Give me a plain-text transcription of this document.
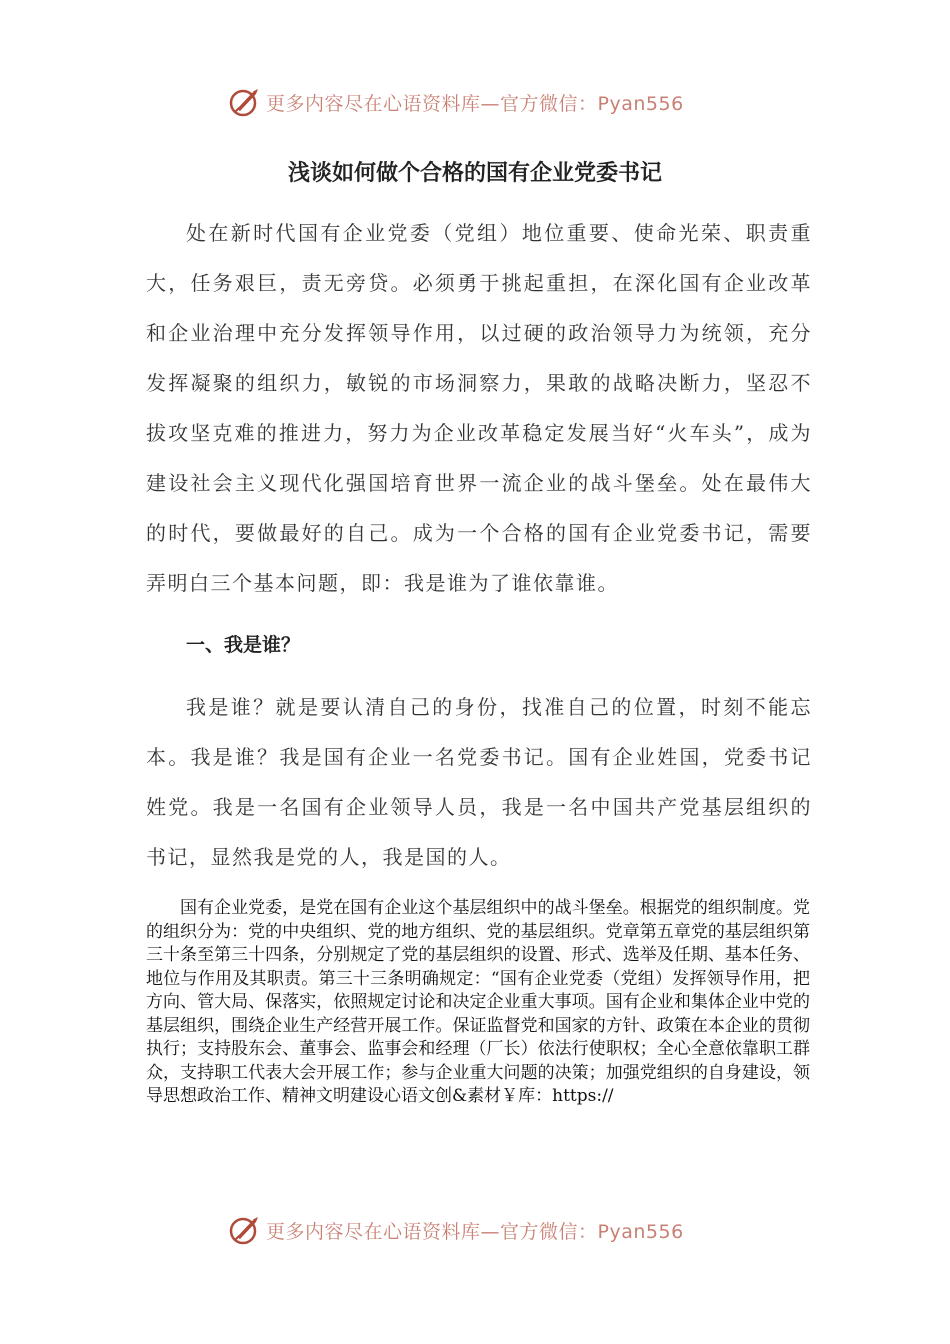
更多内容尽在心语资料库—官方微信：Pyan556
浅谈如何做个合格的国有企业党委书记

处在新时代国有企业党委（党组）地位重要、使命光荣、职责重大，任务艰巨，责无旁贷。必须勇于挑起重担，在深化国有企业改革和企业治理中充分发挥领导作用，以过硬的政治领导力为统领，充分发挥凝聚的组织力，敏锐的市场洞察力，果敢的战略决断力，坚忍不拔攻坚克难的推进力，努力为企业改革稳定发展当好“火车头”，成为建设社会主义现代化强国培育世界一流企业的战斗堡垒。处在最伟大的时代，要做最好的自己。成为一个合格的国有企业党委书记，需要弄明白三个基本问题，即：我是谁为了谁依靠谁。

一、我是谁？

我是谁？就是要认清自己的身份，找准自己的位置，时刻不能忘本。我是谁？我是国有企业一名党委书记。国有企业姓国，党委书记姓党。我是一名国有企业领导人员，我是一名中国共产党基层组织的书记，显然我是党的人，我是国的人。

国有企业党委，是党在国有企业这个基层组织中的战斗堡垒。根据党的组织制度。党的组织分为：党的中央组织、党的地方组织、党的基层组织。党章第五章党的基层组织第三十条至第三十四条，分别规定了党的基层组织的设置、形式、选举及任期、基本任务、地位与作用及其职责。第三十三条明确规定：“国有企业党委（党组）发挥领导作用，把方向、管大局、保落实，依照规定讨论和决定企业重大事项。国有企业和集体企业中党的基层组织，围绕企业生产经营开展工作。保证监督党和国家的方针、政策在本企业的贯彻执行；支持股东会、董事会、监事会和经理（厂长）依法行使职权；全心全意依靠职工群众，支持职工代表大会开展工作；参与企业重大问题的决策；加强党组织的自身建设，领导思想政治工作、精神文明建设心语文创&素材￥库：https://

更多内容尽在心语资料库—官方微信：Pyan556
